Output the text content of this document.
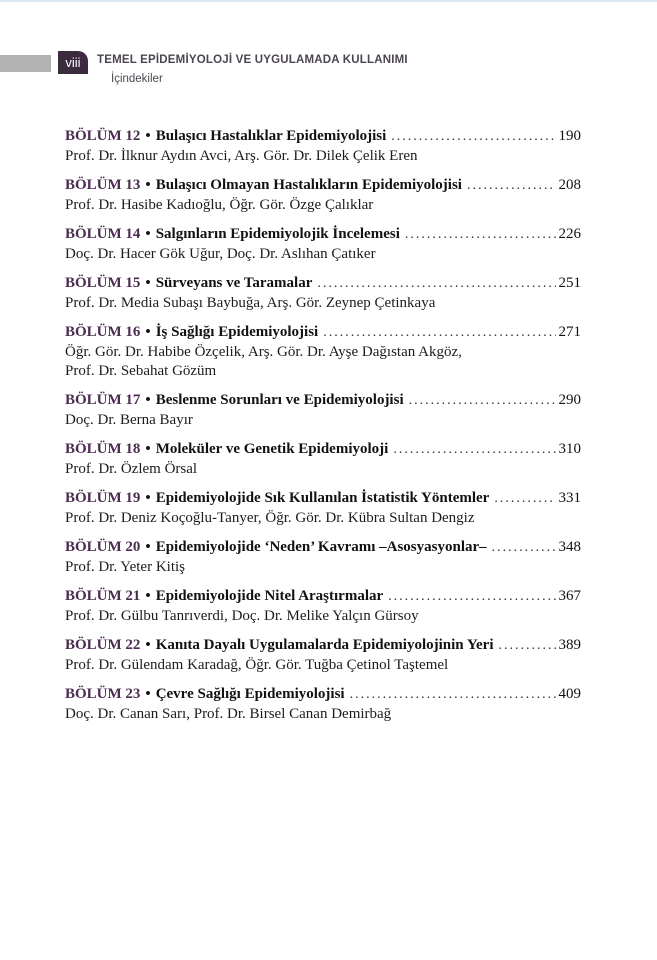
viii TEMEL EPİDEMİYOLOJİ VE UYGULAMADA KULLANIMI
İçindekiler
BÖLÜM 12 • Bulaşıcı Hastalıklar Epidemiyolojisi .....	190
Prof. Dr. İlknur Aydın Avci, Arş. Gör. Dr. Dilek Çelik Eren
BÖLÜM 13 • Bulaşıcı Olmayan Hastalıkların Epidemiyolojisi .....	208
Prof. Dr. Hasibe Kadıoğlu, Öğr. Gör. Özge Çalıklar
BÖLÜM 14 • Salgınların Epidemiyolojik İncelemesi .....	226
Doç. Dr. Hacer Gök Uğur, Doç. Dr. Aslıhan Çatıker
BÖLÜM 15 • Sürveyans ve Taramalar .....	251
Prof. Dr. Media Subaşı Baybuğa, Arş. Gör. Zeynep Çetinkaya
BÖLÜM 16 • İş Sağlığı Epidemiyolojisi .....	271
Öğr. Gör. Dr. Habibe Özçelik, Arş. Gör. Dr. Ayşe Dağıstan Akgöz,
Prof. Dr. Sebahat Gözüm
BÖLÜM 17 • Beslenme Sorunları ve Epidemiyolojisi .....	290
Doç. Dr. Berna Bayır
BÖLÜM 18 • Moleküler ve Genetik Epidemiyoloji .....	310
Prof. Dr. Özlem Örsal
BÖLÜM 19 • Epidemiyolojide Sık Kullanılan İstatistik Yöntemler .....	331
Prof. Dr. Deniz Koçoğlu-Tanyer, Öğr. Gör. Dr. Kübra Sultan Dengiz
BÖLÜM 20 • Epidemiyolojide ‘Neden’ Kavramı –Asosyasyonlar– .....	348
Prof. Dr. Yeter Kitiş
BÖLÜM 21 • Epidemiyolojide Nitel Araştırmalar .....	367
Prof. Dr. Gülbu Tanrıverdi, Doç. Dr. Melike Yalçın Gürsoy
BÖLÜM 22 • Kanıta Dayalı Uygulamalarda Epidemiyolojinin Yeri .....	389
Prof. Dr. Gülendam Karadağ, Öğr. Gör. Tuğba Çetinol Taştemel
BÖLÜM 23 • Çevre Sağlığı Epidemiyolojisi .....	409
Doç. Dr. Canan Sarı, Prof. Dr. Birsel Canan Demirbağ
